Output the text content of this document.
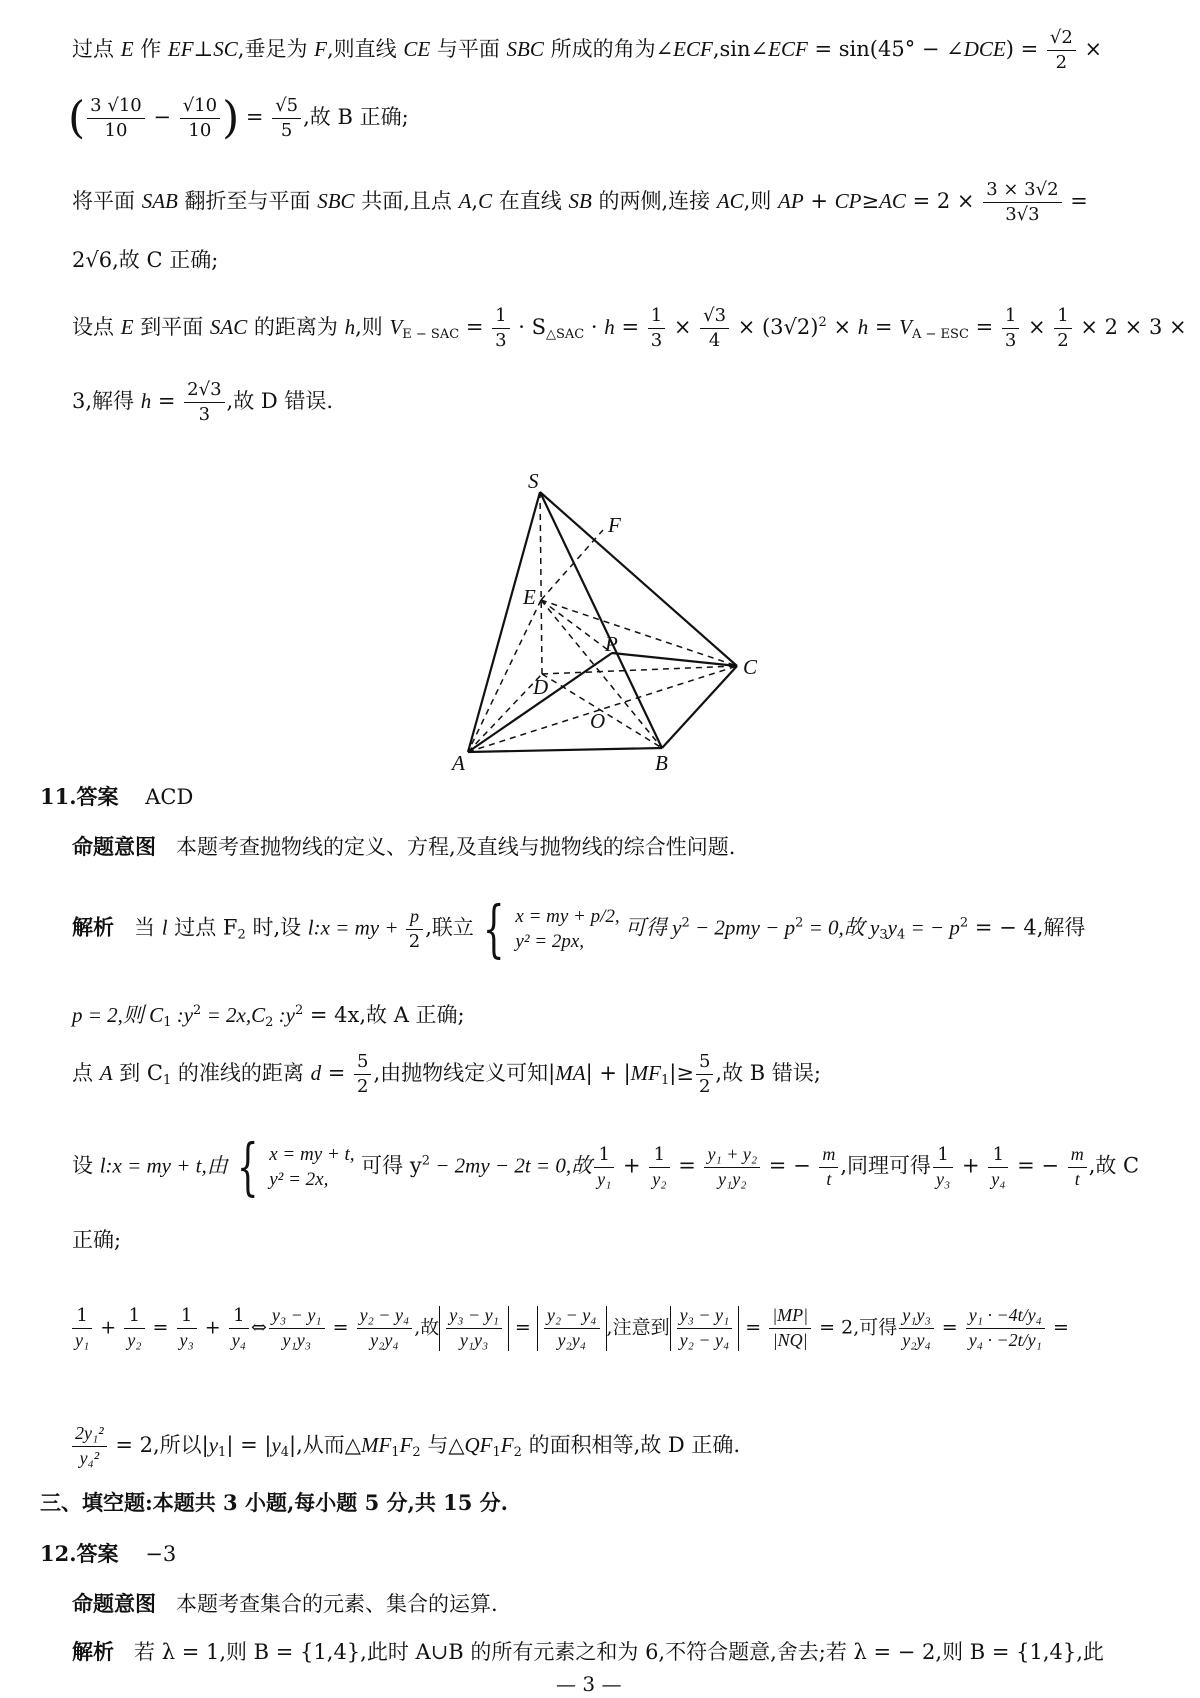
过点 E 作 EF⊥SC,垂足为 F,则直线 CE 与平面 SBC 所成的角为∠ECF,sin∠ECF = sin(45° − ∠DCE) = $\frac{√2}{2}$ ×
( $\frac{3 √10}{10} - \frac{√10}{10}$ ) = $\frac{√5}{5}$ ,故 B 正确;
将平面 SAB 翻折至与平面 SBC 共面,且点 A,C 在直线 SB 的两侧,连接 AC,则 AP + $CP\ge AC = 2 \times \frac{3 \times 3√2}{3√3}$ =
2√6,故 C 正确;
设点 E 到平面 SAC 的距离为 h,则 $V_{E - SAC} = \frac{1}{3} \cdot S_{\triangle SAC} \cdot h = \frac{1}{3} \times \frac{√3}{4} \times (3√2)^2 \times h = V_{A - ESC} = \frac{1}{3} \times \frac{1}{2} \times 2 \times 3$ ×
3,解得 $h = \frac{2√3}{3}$ ,故 D 错误.
S
F
E
P
D
C
O
A	B
11.答案 ACD
命题意图 本题考查抛物线的定义、方程,及直线与抛物线的综合性问题.
解析 当 l 过点 $F_2$ 时,设 l:x = my + $\frac{p}{2}$ ,联立 { x = my + p/2,
y² = 2px,
可得 $y^2 - 2pmy - p^2 = 0$,故 $y_3y_4$ = − $p^2$ = − 4,解得
p = 2,则 $C_1$ $:y^2 = 2x,C_2$ $:y^2 = 4x$,故 A 正确;
点 A 到 $C_1$ 的准线的距离 $d = \frac{5}{2}$ ,由抛物线定义可知$|MA| + |MF_1|\ge \frac{5}{2}$ ,故 B 错误;
设 l:x = my + t,由 { x = my + t,
y² = 2x,
可得 $y^2 - 2my - 2t = 0$,故 $\frac{1}{\text{y₁}} + \frac{1}{\text{y₂}} = \frac{\text{y₁ + y₂}}{\text{y₁y₂}}$ = − $\frac{m}{t}$ ,同理可得 $\frac{1}{\text{y₃}} + \frac{1}{\text{y₄}}$ = − $\frac{m}{t}$ ,故 C
正确;
$\frac{1}{\text{y₁}} + \frac{1}{\text{y₂}} = \frac{1}{\text{y₃}} + \frac{1}{\text{y₄}}$ ⇔ $\frac{\text{y₃ − y₁}}{\text{y₁y₃}} = \frac{\text{y₂ − y₄}}{\text{y₂y₄}}$ ,故 $\frac{\text{y₃ − y₁}}{\text{y₁y₃}} = \frac{\text{y₂ − y₄}}{\text{y₂y₄}}$ ,注意到 $\frac{\text{y₃ − y₁}}{\text{y₂ − y₄}} = \frac{|MP|}{|NQ|} = 2$,可得 $\frac{\text{y₁y₃}}{\text{y₂y₄}} = \frac{\text{y₁ · −4t/y₄}}{\text{y₄ · −2t/y₁}}$ =
$\frac{\text{2y₁²}}{\text{y₄²}} = 2$,所以$|y_1| = |y_4|$,从而$\triangle MF_1F_2$ 与$\triangle QF_1F_2$ 的面积相等,故 D 正确.
三、填空题:本题共 3 小题,每小题 5 分,共 15 分.
12.答案 −3
命题意图 本题考查集合的元素、集合的运算.
解析 若 λ = 1,则 B = {1,4},此时 A∪B 的所有元素之和为 6,不符合题意,舍去;若 λ = − 2,则 B = {1,4},此
— 3 —
